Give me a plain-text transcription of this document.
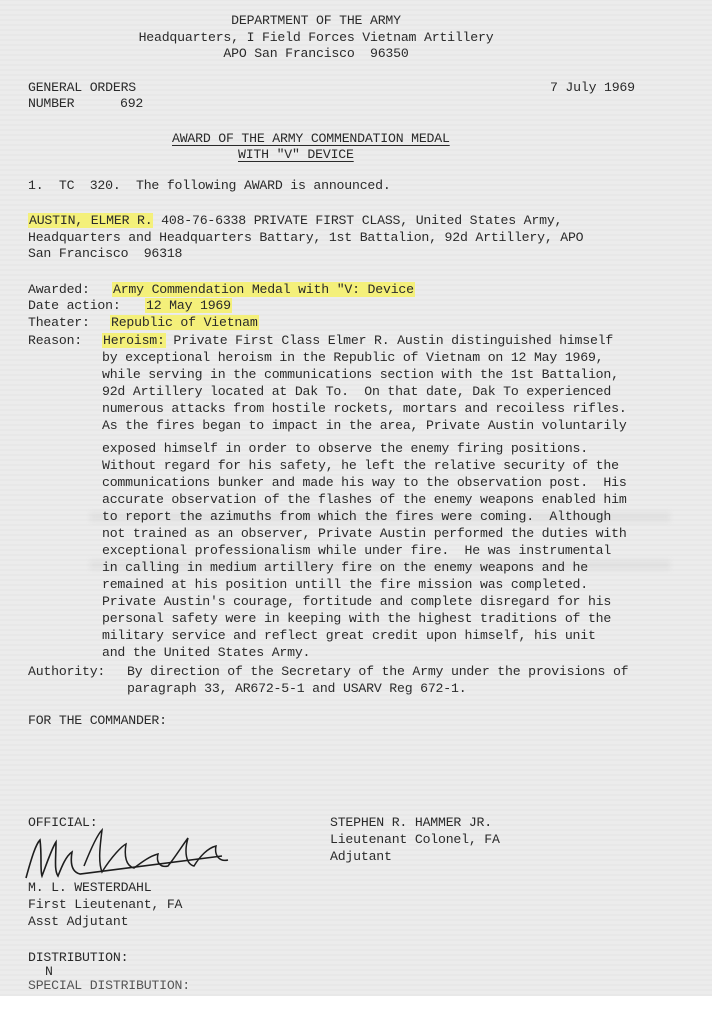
DEPARTMENT OF THE ARMY
Headquarters, I Field Forces Vietnam Artillery
APO San Francisco  96350
GENERAL ORDERS
NUMBER	692
7 July 1969
AWARD OF THE ARMY COMMENDATION MEDAL
WITH "V" DEVICE
1.  TC  320.  The following AWARD is announced.
AUSTIN, ELMER R. 408-76-6338 PRIVATE FIRST CLASS, United States Army,
Headquarters and Headquarters Battary, 1st Battalion, 92d Artillery, APO
San Francisco  96318
Awarded: Army Commendation Medal with "V: Device
Date action: 12 May 1969
Theater: Republic of Vietnam
Reason: Heroism: Private First Class Elmer R. Austin distinguished himself
by exceptional heroism in the Republic of Vietnam on 12 May 1969,
while serving in the communications section with the 1st Battalion,
92d Artillery located at Dak To.  On that date, Dak To experienced
numerous attacks from hostile rockets, mortars and recoiless rifles.
As the fires began to impact in the area, Private Austin voluntarily
exposed himself in order to observe the enemy firing positions.
Without regard for his safety, he left the relative security of the
communications bunker and made his way to the observation post.  His
accurate observation of the flashes of the enemy weapons enabled him
to report the azimuths from which the fires were coming.  Although
not trained as an observer, Private Austin performed the duties with
exceptional professionalism while under fire.  He was instrumental
in calling in medium artillery fire on the enemy weapons and he
remained at his position untill the fire mission was completed.
Private Austin's courage, fortitude and complete disregard for his
personal safety were in keeping with the highest traditions of the
military service and reflect great credit upon himself, his unit
and the United States Army.
Authority: By direction of the Secretary of the Army under the provisions of
paragraph 33, AR672-5-1 and USARV Reg 672-1.
FOR THE COMMANDER:
OFFICIAL:
M. L. WESTERDAHL
First Lieutenant, FA
Asst Adjutant
STEPHEN R. HAMMER JR.
Lieutenant Colonel, FA
Adjutant
DISTRIBUTION:
N
SPECIAL DISTRIBUTION:
